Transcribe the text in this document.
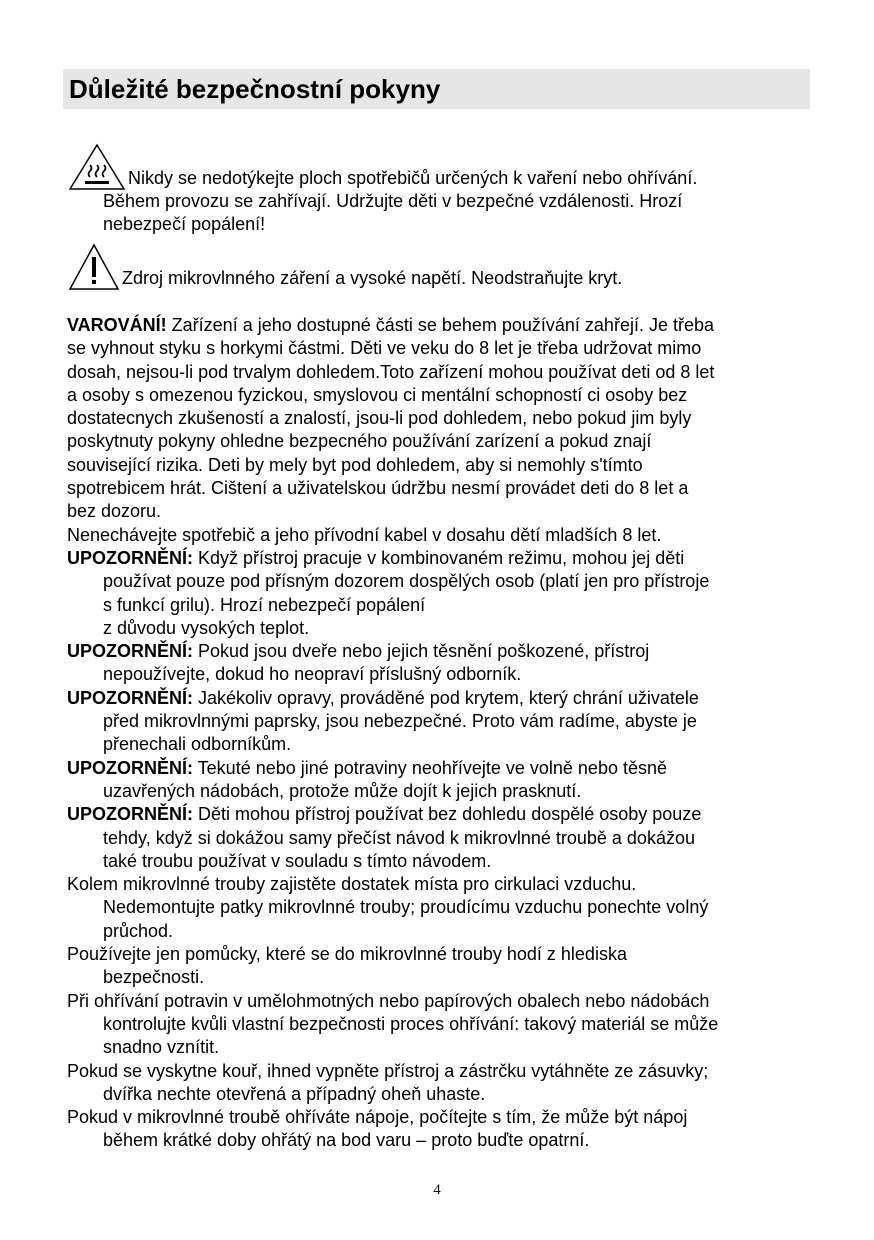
Důležité bezpečnostní pokyny
Nikdy se nedotýkejte ploch spotřebičů určených k vaření nebo ohřívání.
Během provozu se zahřívají. Udržujte děti v bezpečné vzdálenosti. Hrozí
nebezpečí popálení!
Zdroj mikrovlnného záření a vysoké napětí. Neodstraňujte kryt.
VAROVÁNÍ! Zařízení a jeho dostupné části se behem používání zahřejí. Je třeba
se vyhnout styku s horkymi částmi. Děti ve veku do 8 let je třeba udržovat mimo
dosah, nejsou-li pod trvalym dohledem.Toto zařízení mohou používat deti od 8 let
a osoby s omezenou fyzickou, smyslovou ci mentální schopností ci osoby bez
dostatecnych zkušeností a znalostí, jsou-li pod dohledem, nebo pokud jim byly
poskytnuty pokyny ohledne bezpecného používání zarízení a pokud znají
související rizika. Deti by mely byt pod dohledem, aby si nemohly s'tímto
spotrebicem hrát. Cištení a uživatelskou údržbu nesmí provádet deti do 8 let a
bez dozoru.
Nenechávejte spotřebič a jeho přívodní kabel v dosahu dětí mladších 8 let.
UPOZORNĚNÍ: Když přístroj pracuje v kombinovaném režimu, mohou jej děti
používat pouze pod přísným dozorem dospělých osob (platí jen pro přístroje
s funkcí grilu). Hrozí nebezpečí popálení
z důvodu vysokých teplot.
UPOZORNĚNÍ: Pokud jsou dveře nebo jejich těsnění poškozené, přístroj
nepoužívejte, dokud ho neopraví příslušný odborník.
UPOZORNĚNÍ: Jakékoliv opravy, prováděné pod krytem, který chrání uživatele
před mikrovlnnými paprsky, jsou nebezpečné. Proto vám radíme, abyste je
přenechali odborníkům.
UPOZORNĚNÍ: Tekuté nebo jiné potraviny neohřívejte ve volně nebo těsně
uzavřených nádobách, protože může dojít k jejich prasknutí.
UPOZORNĚNÍ: Děti mohou přístroj používat bez dohledu dospělé osoby pouze
tehdy, když si dokážou samy přečíst návod k mikrovlnné troubě a dokážou
také troubu používat v souladu s tímto návodem.
Kolem mikrovlnné trouby zajistěte dostatek místa pro cirkulaci vzduchu.
Nedemontujte patky mikrovlnné trouby; proudícímu vzduchu ponechte volný
průchod.
Používejte jen pomůcky, které se do mikrovlnné trouby hodí z hlediska
bezpečnosti.
Při ohřívání potravin v umělohmotných nebo papírových obalech nebo nádobách
kontrolujte kvůli vlastní bezpečnosti proces ohřívání: takový materiál se může
snadno vznítit.
Pokud se vyskytne kouř, ihned vypněte přístroj a zástrčku vytáhněte ze zásuvky;
dvířka nechte otevřená a případný oheň uhaste.
Pokud v mikrovlnné troubě ohříváte nápoje, počítejte s tím, že může být nápoj
během krátké doby ohřátý na bod varu – proto buďte opatrní.
4
